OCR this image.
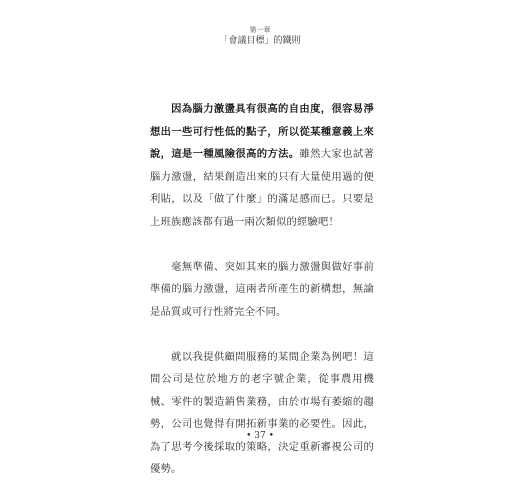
第一章
「會議目標」的鐵則

因為腦力激盪具有很高的自由度，很容易淨想出一些可行性低的點子，所以從某種意義上來說，這是一種風險很高的方法。雖然大家也試著腦力激盪，結果創造出來的只有大量使用過的便利貼，以及「做了什麼」的滿足感而已。只要是上班族應該都有過一兩次類似的經驗吧！

毫無準備、突如其來的腦力激盪與做好事前準備的腦力激盪，這兩者所產生的新構想，無論是品質或可行性將完全不同。

就以我提供顧問服務的某間企業為例吧！這間公司是位於地方的老字號企業，從事農用機械、零件的製造銷售業務，由於市場有萎縮的趨勢，公司也覺得有開拓新事業的必要性。因此，為了思考今後採取的策略，決定重新審視公司的優勢。

• 37 •
